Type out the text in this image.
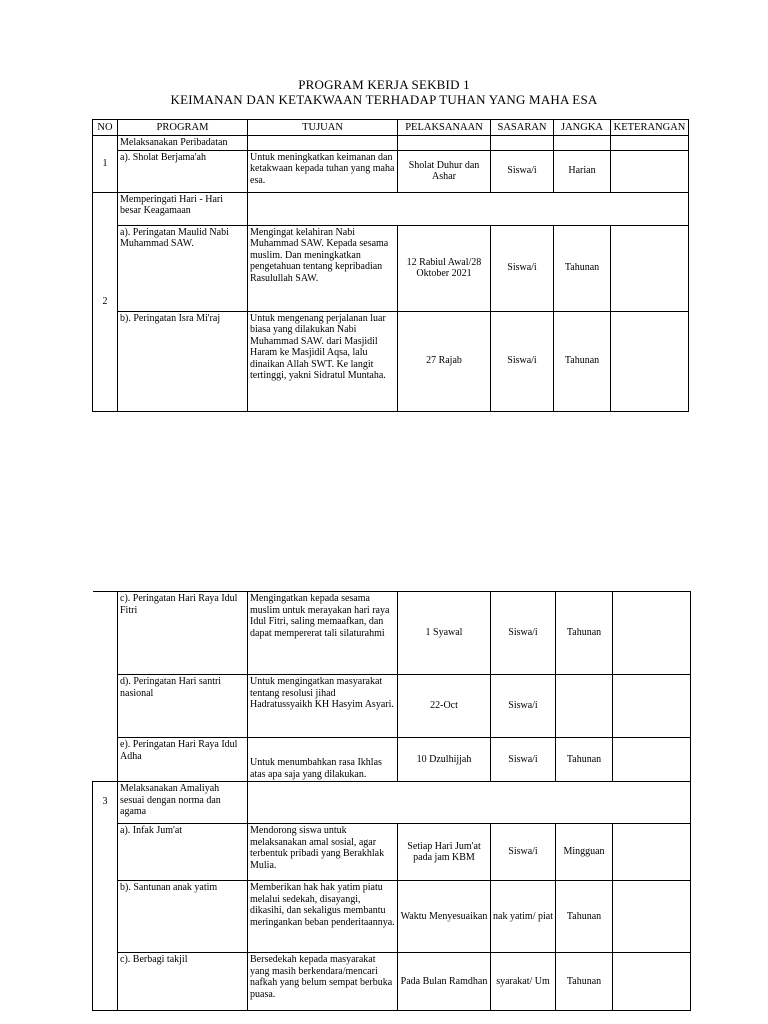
PROGRAM KERJA SEKBID 1
KEIMANAN DAN KETAKWAAN TERHADAP TUHAN YANG MAHA ESA
NO	PROGRAM	TUJUAN	PELAKSANAAN	SASARAN	JANGKA	KETERANGAN
1	Melaksanakan Peribadatan					
	a). Sholat Berjama'ah	Untuk meningkatkan keimanan dan ketakwaan kepada tuhan yang maha esa.	Sholat Duhur dan Ashar	Siswa/i	Harian	
2	Memperingati Hari - Hari besar Keagamaan					
	a). Peringatan Maulid Nabi Muhammad SAW.	Mengingat kelahiran Nabi Muhammad SAW. Kepada sesama muslim. Dan meningkatkan pengetahuan tentang kepribadian Rasulullah SAW.	12 Rabiul Awal/28 Oktober 2021	Siswa/i	Tahunan	
	b). Peringatan Isra Mi'raj	Untuk mengenang perjalanan luar biasa yang dilakukan Nabi Muhammad SAW. dari Masjidil Haram ke Masjidil Aqsa, lalu dinaikan Allah SWT. Ke langit tertinggi, yakni Sidratul Muntaha.	27 Rajab	Siswa/i	Tahunan	
	c). Peringatan Hari Raya Idul Fitri	Mengingatkan kepada sesama muslim untuk merayakan hari raya Idul Fitri, saling memaafkan, dan dapat mempererat tali silaturahmi	1 Syawal	Siswa/i	Tahunan	
	d). Peringatan Hari santri nasional	Untuk mengingatkan masyarakat tentang resolusi jihad Hadratussyaikh KH Hasyim Asyari.	22-Oct	Siswa/i		
	e). Peringatan Hari Raya Idul Adha	Untuk menumbahkan rasa Ikhlas atas apa saja yang dilakukan.	10 Dzulhijjah	Siswa/i	Tahunan	
3	Melaksanakan Amaliyah sesuai dengan norma dan agama					
	a). Infak Jum'at	Mendorong siswa untuk melaksanakan amal sosial, agar terbentuk pribadi yang Berakhlak Mulia.	Setiap Hari Jum'at pada jam KBM	Siswa/i	Mingguan	
	b). Santunan anak yatim	Memberikan hak hak yatim piatu melalui sedekah, disayangi, dikasihi, dan sekaligus membantu meringankan beban penderitaannya.	Waktu Menyesuaikan	nak yatim/ piat	Tahunan	
	c). Berbagi takjil	Bersedekah kepada masyarakat yang masih berkendara/mencari nafkah yang belum sempat berbuka puasa.	Pada Bulan Ramdhan	syarakat/ Um	Tahunan	
